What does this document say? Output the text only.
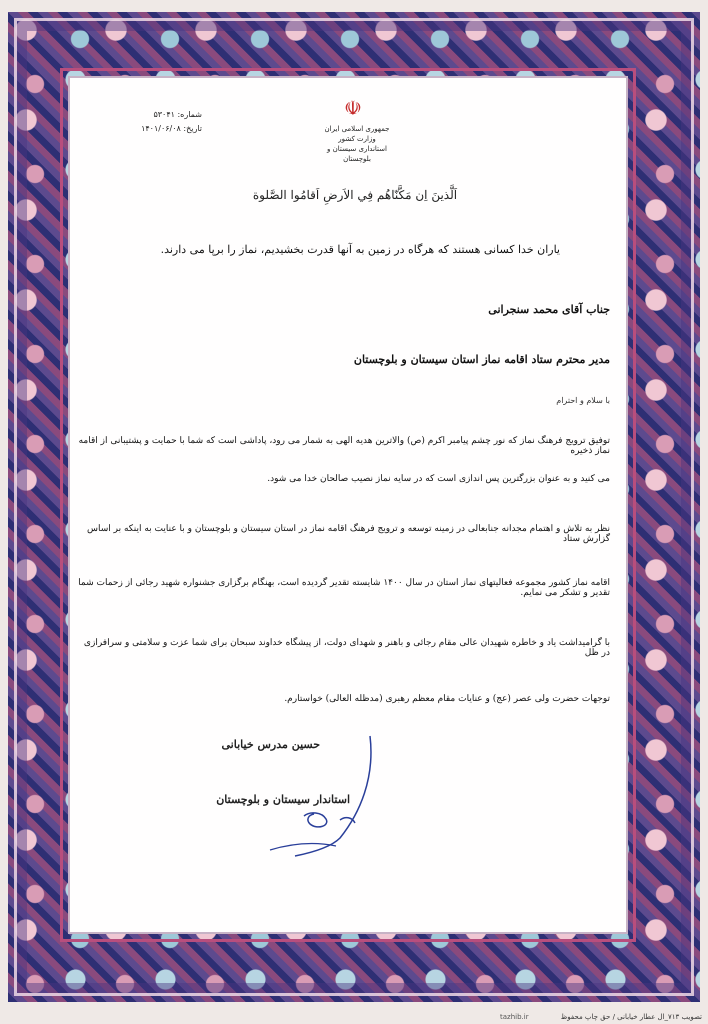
☫
جمهوری اسلامی ایران
وزارت کشور
استانداری سیستان و بلوچستان
شماره: ۵۳۰۴۱
تاریخ: ۱۴۰۱/۰۶/۰۸
اَلَّذينَ اِن مَكَّنّاهُم فِي الاَرضِ اَقامُوا الصَّلوة
یاران خدا کسانی هستند که هرگاه در زمین به آنها قدرت بخشیدیم، نماز را برپا می دارند.
جناب آقای محمد سنجرانی
مدیر محترم ستاد اقامه نماز استان سیستان و بلوچستان
با سلام و احترام
توفیق ترویج فرهنگ نماز که نور چشم پیامبر اکرم (ص) والاترین هدیه الهی به شمار می رود، پاداشی است که شما با حمایت و پشتیبانی از اقامه نماز ذخیره
می کنید و به عنوان بزرگترین پس اندازی است که در سایه نماز نصیب صالحان خدا می شود.
نظر به تلاش و اهتمام مجدانه جنابعالی در زمینه توسعه و ترویج فرهنگ اقامه نماز در استان سیستان و بلوچستان و با عنایت به اینکه بر اساس گزارش ستاد
اقامه نماز کشور مجموعه فعالیتهای نماز استان در سال ۱۴۰۰ شایسته تقدیر گردیده است، بهنگام برگزاری جشنواره شهید رجائی از زحمات شما تقدیر و تشکر می نمایم.
با گرامیداشت یاد و خاطره شهیدان عالی مقام رجائی و باهنر و شهدای دولت، از پیشگاه خداوند سبحان برای شما عزت و سلامتی و سرافرازی در ظل
توجهات حضرت ولی عصر (عج) و عنایات مقام معظم رهبری (مدظله العالی) خواستارم.
حسین مدرس خیابانی
استاندار سیستان و بلوچستان
تصویب ۷۱۳_ال عطار خیابانی / حق چاپ محفوظ
tazhib.ir
